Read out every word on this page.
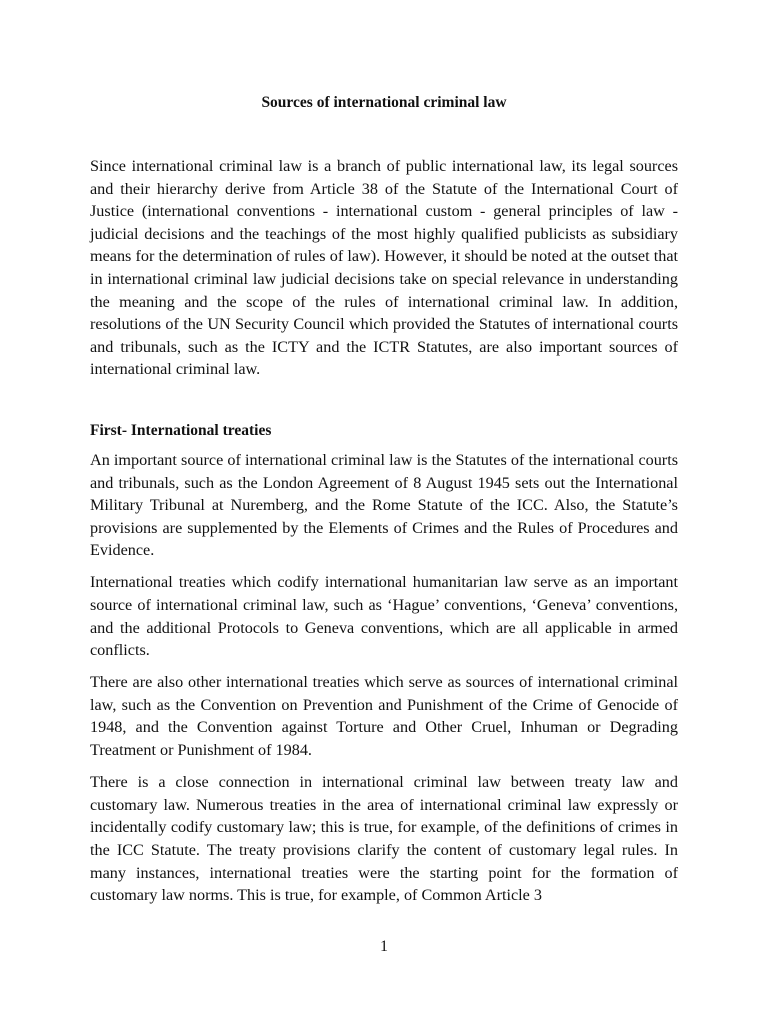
Sources of international criminal law

Since international criminal law is a branch of public international law, its legal sources and their hierarchy derive from Article 38 of the Statute of the International Court of Justice (international conventions - international custom - general principles of law - judicial decisions and the teachings of the most highly qualified publicists as subsidiary means for the determination of rules of law). However, it should be noted at the outset that in international criminal law judicial decisions take on special relevance in understanding the meaning and the scope of the rules of international criminal law. In addition, resolutions of the UN Security Council which provided the Statutes of international courts and tribunals, such as the ICTY and the ICTR Statutes, are also important sources of international criminal law.

First- International treaties

An important source of international criminal law is the Statutes of the international courts and tribunals, such as the London Agreement of 8 August 1945 sets out the International Military Tribunal at Nuremberg, and the Rome Statute of the ICC. Also, the Statute’s provisions are supplemented by the Elements of Crimes and the Rules of Procedures and Evidence.

International treaties which codify international humanitarian law serve as an important source of international criminal law, such as ‘Hague’ conventions, ‘Geneva’ conventions, and the additional Protocols to Geneva conventions, which are all applicable in armed conflicts.

There are also other international treaties which serve as sources of international criminal law, such as the Convention on Prevention and Punishment of the Crime of Genocide of 1948, and the Convention against Torture and Other Cruel, Inhuman or Degrading Treatment or Punishment of 1984.

There is a close connection in international criminal law between treaty law and customary law. Numerous treaties in the area of international criminal law expressly or incidentally codify customary law; this is true, for example, of the definitions of crimes in the ICC Statute. The treaty provisions clarify the content of customary legal rules. In many instances, international treaties were the starting point for the formation of customary law norms. This is true, for example, of Common Article 3

1
